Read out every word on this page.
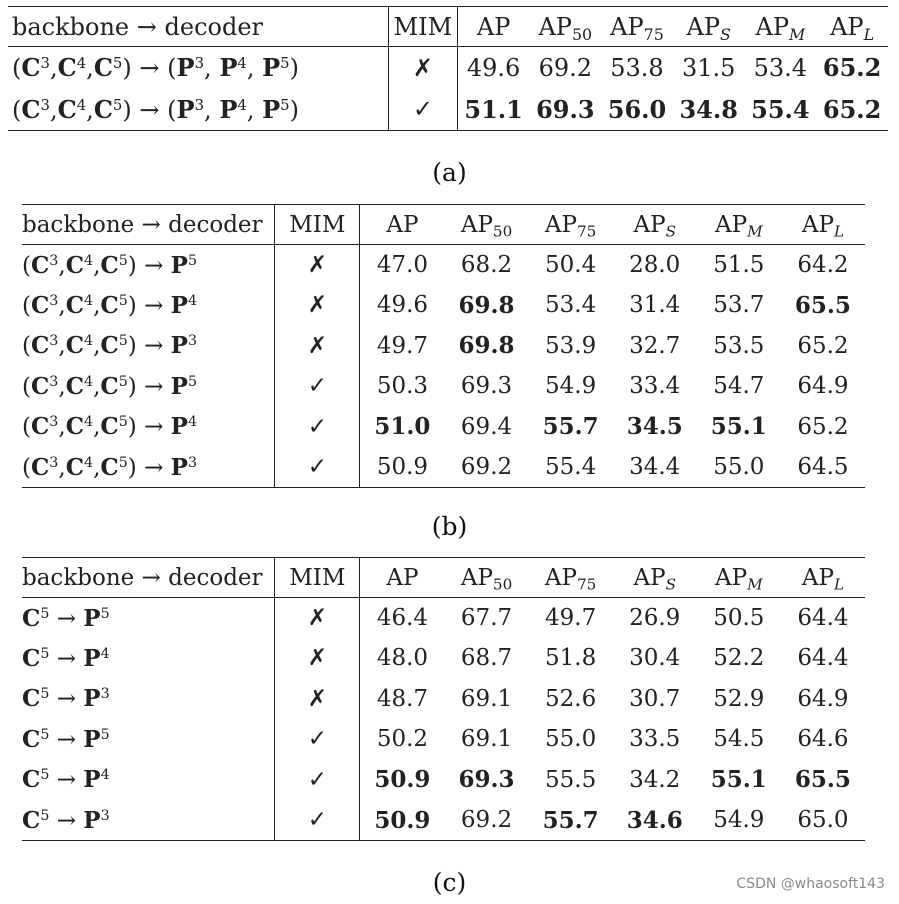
backbone → decoder	MIM	AP	$AP_{50}$	$AP_{75}$	$AP_S$	$AP_M$	$AP_L$
$(C^3,C^4,C^5) \to (P^3$, $P^4$, $P^5$)	✗	49.6	69.2	53.8	31.5	53.4	65.2
$(C^3,C^4,C^5) \to (P^3$, $P^4$, $P^5$)	✓	51.1	69.3	56.0	34.8	55.4	65.2
(a)
backbone → decoder	MIM	AP	$AP_{50}$	$AP_{75}$	$AP_S$	$AP_M$	$AP_L$
$(C^3,C^4,C^5) \to P^5$	✗	47.0	68.2	50.4	28.0	51.5	64.2
$(C^3,C^4,C^5) \to P^4$	✗	49.6	69.8	53.4	31.4	53.7	65.5
$(C^3,C^4,C^5) \to P^3$	✗	49.7	69.8	53.9	32.7	53.5	65.2
$(C^3,C^4,C^5) \to P^5$	✓	50.3	69.3	54.9	33.4	54.7	64.9
$(C^3,C^4,C^5) \to P^4$	✓	51.0	69.4	55.7	34.5	55.1	65.2
$(C^3,C^4,C^5) \to P^3$	✓	50.9	69.2	55.4	34.4	55.0	64.5
(b)
backbone → decoder	MIM	AP	$AP_{50}$	$AP_{75}$	$AP_S$	$AP_M$	$AP_L$
$C^5 \to P^5$	✗	46.4	67.7	49.7	26.9	50.5	64.4
$C^5 \to P^4$	✗	48.0	68.7	51.8	30.4	52.2	64.4
$C^5 \to P^3$	✗	48.7	69.1	52.6	30.7	52.9	64.9
$C^5 \to P^5$	✓	50.2	69.1	55.0	33.5	54.5	64.6
$C^5 \to P^4$	✓	50.9	69.3	55.5	34.2	55.1	65.5
$C^5 \to P^3$	✓	50.9	69.2	55.7	34.6	54.9	65.0
(c)	CSDN @whaosoft143
